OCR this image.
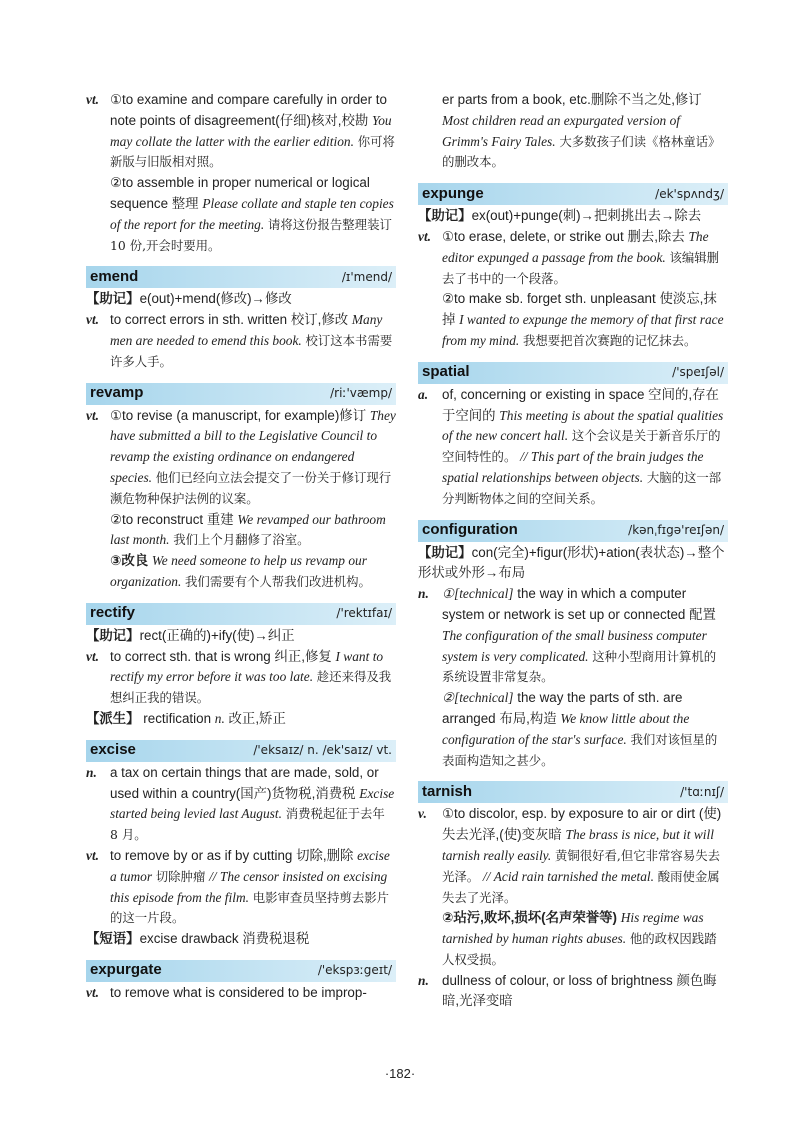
vt. ①to examine and compare carefully in order to note points of disagreement(仔细)核对,校勘 You may collate the latter with the earlier edition. 你可将新版与旧版相对照。
②to assemble in proper numerical or logical sequence 整理 Please collate and staple ten copies of the report for the meeting. 请将这份报告整理装订 10 份,开会时要用。
emend	/ɪ'mend/
【助记】e(out)+mend(修改)→修改
vt. to correct errors in sth. written 校订,修改 Many men are needed to emend this book. 校订这本书需要许多人手。
revamp	/riː'væmp/
vt. ①to revise (a manuscript, for example)修订 They have submitted a bill to the Legislative Council to revamp the existing ordinance on endangered species. 他们已经向立法会提交了一份关于修订现行濒危物种保护法例的议案。
②to reconstruct 重建 We revamped our bathroom last month. 我们上个月翻修了浴室。
③改良 We need someone to help us revamp our organization. 我们需要有个人帮我们改进机构。
rectify	/'rektɪfaɪ/
【助记】rect(正确的)+ify(使)→纠正
vt. to correct sth. that is wrong 纠正,修复 I want to rectify my error before it was too late. 趁还来得及我想纠正我的错误。
【派生】 rectification n. 改正,矫正
excise	/'eksaɪz/ n. /ek'saɪz/ vt.
n. a tax on certain things that are made, sold, or used within a country(国产)货物税,消费税 Excise started being levied last August. 消费税起征于去年 8 月。
vt. to remove by or as if by cutting 切除,删除 excise a tumor 切除肿瘤 // The censor insisted on excising this episode from the film. 电影审查员坚持剪去影片的这一片段。
【短语】excise drawback 消费税退税
expurgate	/'ekspɜːgeɪt/
vt. to remove what is considered to be improp-
er parts from a book, etc.删除不当之处,修订 Most children read an expurgated version of Grimm's Fairy Tales. 大多数孩子们读《格林童话》的删改本。
expunge	/ek'spʌndʒ/
【助记】ex(out)+punge(刺)→把刺挑出去→除去
vt. ①to erase, delete, or strike out 删去,除去 The editor expunged a passage from the book. 该编辑删去了书中的一个段落。
②to make sb. forget sth. unpleasant 使淡忘,抹掉 I wanted to expunge the memory of that first race from my mind. 我想要把首次赛跑的记忆抹去。
spatial	/'speɪʃəl/
a.	of, concerning or existing in space 空间的,存在于空间的 This meeting is about the spatial qualities of the new concert hall. 这个会议是关于新音乐厅的空间特性的。 // This part of the brain judges the spatial relationships between objects. 大脑的这一部分判断物体之间的空间关系。
configuration	/kənˌfɪgə'reɪʃən/
【助记】con(完全)+figur(形状)+ation(表状态)→整个形状或外形→布局
n. ①[technical] the way in which a computer system or network is set up or connected 配置 The configuration of the small business computer system is very complicated. 这种小型商用计算机的系统设置非常复杂。
②[technical] the way the parts of sth. are arranged 布局,构造 We know little about the configuration of the star's surface. 我们对该恒星的表面构造知之甚少。
tarnish	/'tɑːnɪʃ/
v.	①to discolor, esp. by exposure to air or dirt (使)失去光泽,(使)变灰暗 The brass is nice, but it will tarnish really easily. 黄铜很好看,但它非常容易失去光泽。 // Acid rain tarnished the metal. 酸雨使金属失去了光泽。
②玷污,败坏,损坏(名声荣誉等) His regime was tarnished by human rights abuses. 他的政权因践踏人权受损。
n. dullness of colour, or loss of brightness 颜色晦暗,光泽变暗
·182·
